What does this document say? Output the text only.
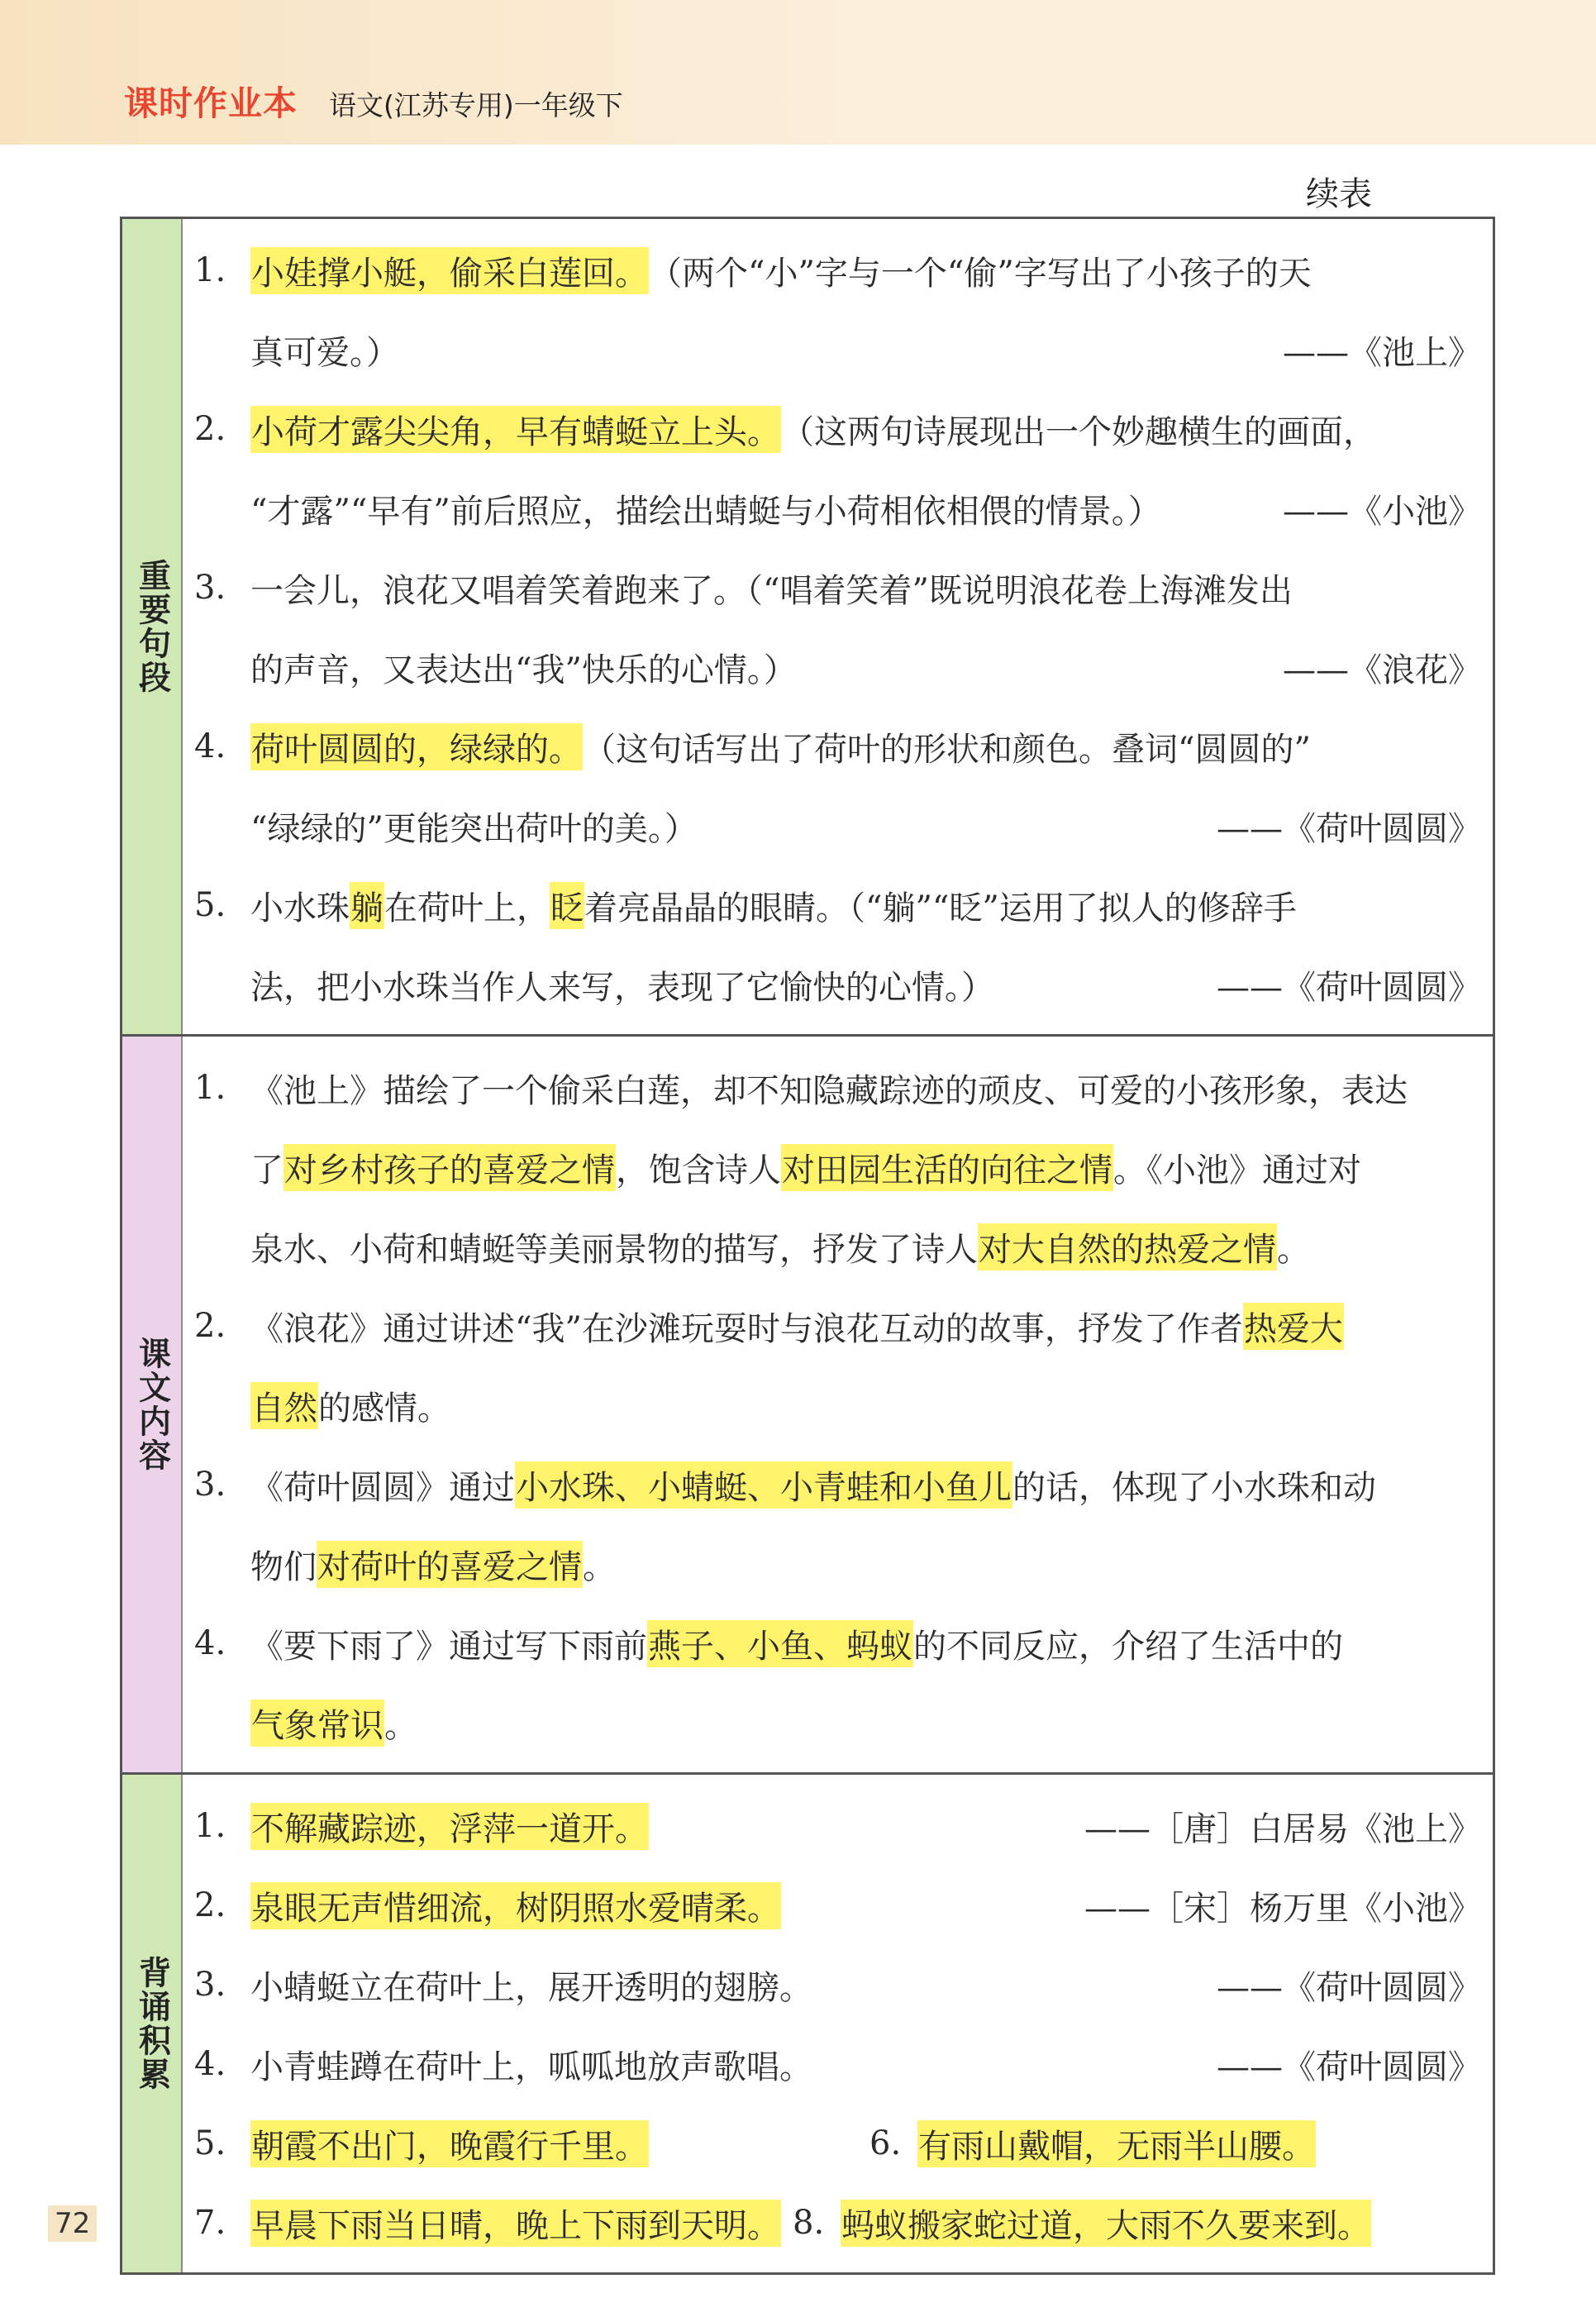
课时作业本 语文(江苏专用)一年级下
续表
重要句段
1. 小娃撑小艇，偷采白莲回。 （两个“小”字与一个“偷”字写出了小孩子的天
真可爱。）	——《池上》
2. 小荷才露尖尖角，早有蜻蜓立上头。 （这两句诗展现出一个妙趣横生的画面，
“才露”“早有”前后照应，描绘出蜻蜓与小荷相依相偎的情景。）	——《小池》
3. 一会儿，浪花又唱着笑着跑来了。（“唱着笑着”既说明浪花卷上海滩发出
的声音，又表达出“我”快乐的心情。）	——《浪花》
4. 荷叶圆圆的，绿绿的。 （这句话写出了荷叶的形状和颜色。叠词“圆圆的”
“绿绿的”更能突出荷叶的美。）	——《荷叶圆圆》
5. 小水珠 躺 在荷叶上， 眨 着亮晶晶的眼睛。（“躺”“眨”运用了拟人的修辞手
法，把小水珠当作人来写，表现了它愉快的心情。）	——《荷叶圆圆》
课文内容
1. 《池上》描绘了一个偷采白莲，却不知隐藏踪迹的顽皮、可爱的小孩形象，表达
了 对乡村孩子的喜爱之情 ，饱含诗人 对田园生活的向往之情 。《小池》通过对
泉水、小荷和蜻蜓等美丽景物的描写，抒发了诗人 对大自然的热爱之情 。
2. 《浪花》通过讲述“我”在沙滩玩耍时与浪花互动的故事，抒发了作者 热爱大
自然 的感情。
3. 《荷叶圆圆》通过 小水珠、小蜻蜓、小青蛙和小鱼儿 的话，体现了小水珠和动
物们 对荷叶的喜爱之情 。
4. 《要下雨了》通过写下雨前 燕子、小鱼、蚂蚁 的不同反应，介绍了生活中的
气象常识 。
背诵积累
1. 不解藏踪迹，浮萍一道开。	——［唐］白居易《池上》
2. 泉眼无声惜细流，树阴照水爱晴柔。	——［宋］杨万里《小池》
3. 小蜻蜓立在荷叶上，展开透明的翅膀。	——《荷叶圆圆》
4. 小青蛙蹲在荷叶上，呱呱地放声歌唱。	——《荷叶圆圆》
5. 朝霞不出门，晚霞行千里。	6. 有雨山戴帽，无雨半山腰。
7. 早晨下雨当日晴，晚上下雨到天明。 8. 蚂蚁搬家蛇过道，大雨不久要来到。
72
